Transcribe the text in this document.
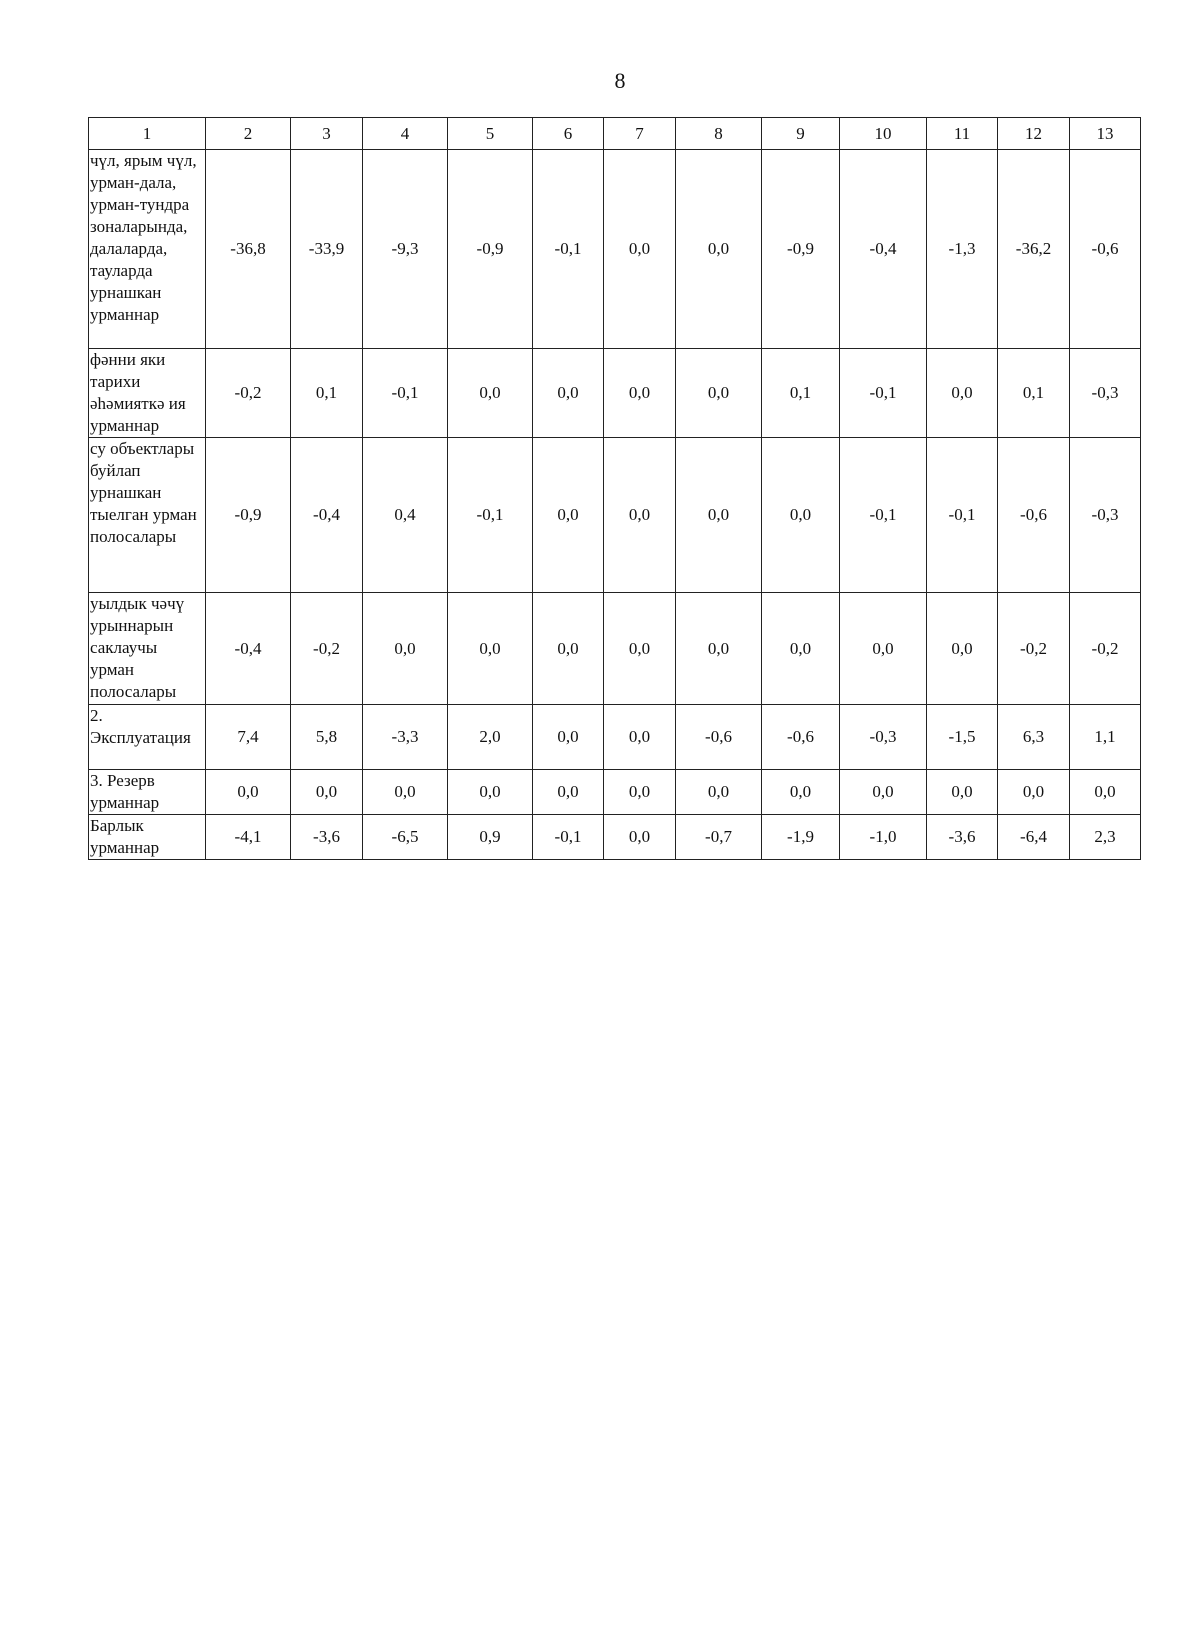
8
1	2	3	4	5	6	7	8	9	10	11	12	13
чүл, ярым чүл, урман-дала, урман-тундра зоналарында, далаларда, тауларда урнашкан урманнар	-36,8	-33,9	-9,3	-0,9	-0,1	0,0	0,0	-0,9	-0,4	-1,3	-36,2	-0,6
фәнни яки тарихи әһәмияткә ия урманнар	-0,2	0,1	-0,1	0,0	0,0	0,0	0,0	0,1	-0,1	0,0	0,1	-0,3
су объектлары буйлап урнашкан тыелган урман полосалары	-0,9	-0,4	0,4	-0,1	0,0	0,0	0,0	0,0	-0,1	-0,1	-0,6	-0,3
уылдык чәчү урыннарын саклаучы урман полосалары	-0,4	-0,2	0,0	0,0	0,0	0,0	0,0	0,0	0,0	0,0	-0,2	-0,2
2. Эксплуатация	7,4	5,8	-3,3	2,0	0,0	0,0	-0,6	-0,6	-0,3	-1,5	6,3	1,1
3. Резерв урманнар	0,0	0,0	0,0	0,0	0,0	0,0	0,0	0,0	0,0	0,0	0,0	0,0
Барлык урманнар	-4,1	-3,6	-6,5	0,9	-0,1	0,0	-0,7	-1,9	-1,0	-3,6	-6,4	2,3
